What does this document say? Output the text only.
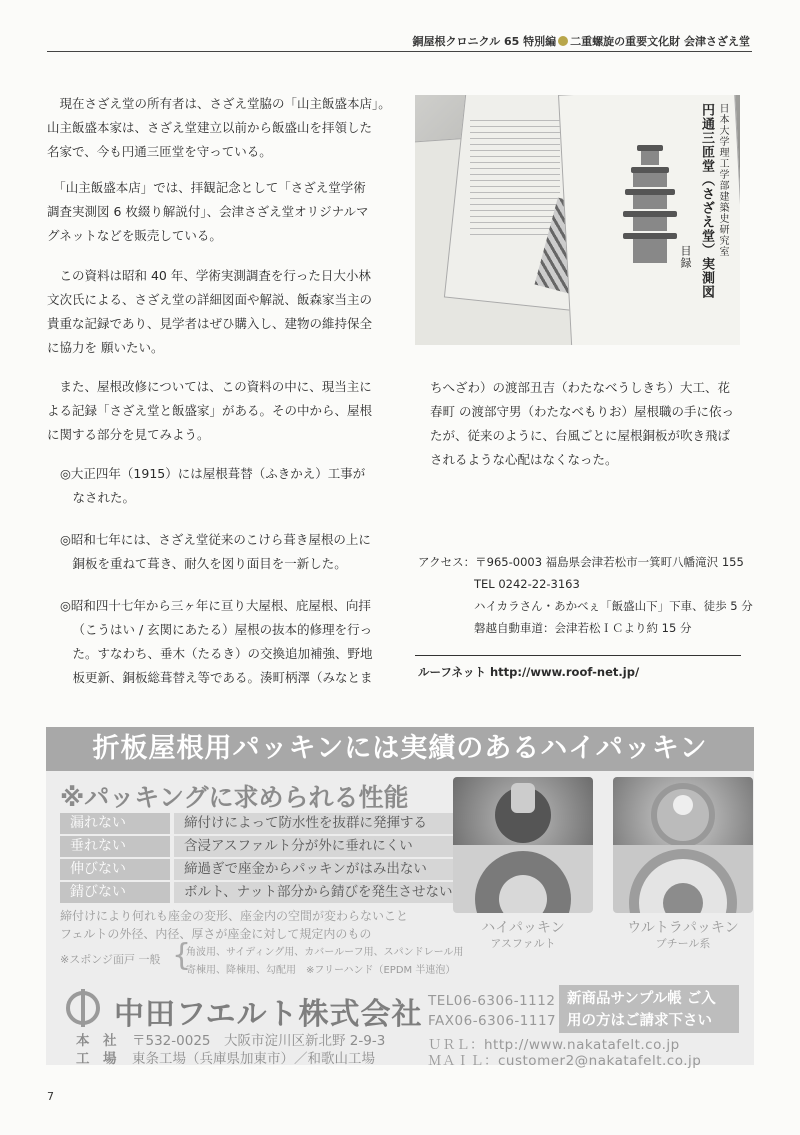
銅屋根クロニクル 65 特別編 二重螺旋の重要文化財 会津さざえ堂
現在さざえ堂の所有者は、さざえ堂脇の「山主飯盛本店」。
山主飯盛本家は、さざえ堂建立以前から飯盛山を拝領した
名家で、今も円通三匝堂を守っている。
「山主飯盛本店」では、拝観記念として「さざえ堂学術
調査実測図 6 枚綴り解説付」、会津さざえ堂オリジナルマ
グネットなどを販売している。
この資料は昭和 40 年、学術実測調査を行った日大小林
文次氏による、さざえ堂の詳細図面や解説、飯森家当主の
貴重な記録であり、見学者はぜひ購入し、建物の維持保全
に協力を 願いたい。
また、屋根改修については、この資料の中に、現当主に
よる記録「さざえ堂と飯盛家」がある。その中から、屋根
に関する部分を見てみよう。
◎大正四年（1915）には屋根葺替（ふきかえ）工事が
なされた。
◎昭和七年には、さざえ堂従来のこけら葺き屋根の上に
銅板を重ねて葺き、耐久を図り面目を一新した。
◎昭和四十七年から三ヶ年に亘り大屋根、庇屋根、向拝
（こうはい / 玄関にあたる）屋根の抜本的修理を行っ
た。すなわち、垂木（たるき）の交換追加補強、野地
板更新、銅板総葺替え等である。湊町柄澤（みなとま
日本大学理工学部建築史研究室
円通三匝堂（さざえ堂）実測図
目録
ちへざわ）の渡部丑吉（わたなべうしきち）大工、花
春町 の渡部守男（わたなべもりお）屋根職の手に依っ
たが、従来のように、台風ごとに屋根銅板が吹き飛ば
されるような心配はなくなった。
アクセス：〒965-0003 福島県会津若松市一箕町八幡滝沢 155
TEL 0242-22-3163
ハイカラさん・あかべぇ「飯盛山下」下車、徒歩 5 分
磐越自動車道：会津若松ＩＣより約 15 分
ルーフネット http://www.roof-net.jp/
折板屋根用パッキンには実績のあるハイパッキン
※パッキングに求められる性能
漏れない	締付けによって防水性を抜群に発揮する
垂れない	含浸アスファルト分が外に垂れにくい
伸びない	締過ぎで座金からパッキンがはみ出ない
錆びない	ボルト、ナット部分から錆びを発生させない
締付けにより何れも座金の変形、座金内の空間が変わらないこと
フェルトの外径、内径、厚さが座金に対して規定内のもの
※スポンジ面戸 一般 {
角波用、サイディング用、カバールーフ用、スパンドレール用
寄棟用、降棟用、勾配用　※フリーハンド（EPDM 半連泡）
ハイパッキン
アスファルト
ウルトラパッキン
ブチール系
中田フエルト株式会社
本　社 〒532-0025　大阪市淀川区新北野 2-9-3
工　場 東条工場（兵庫県加東市）／和歌山工場
TEL06-6306-1112
FAX06-6306-1117
ＵＲＬ：http://www.nakatafelt.co.jp
ＭＡＩＬ：customer2@nakatafelt.co.jp
新商品サンプル帳 ご入
用の方はご請求下さい
7
